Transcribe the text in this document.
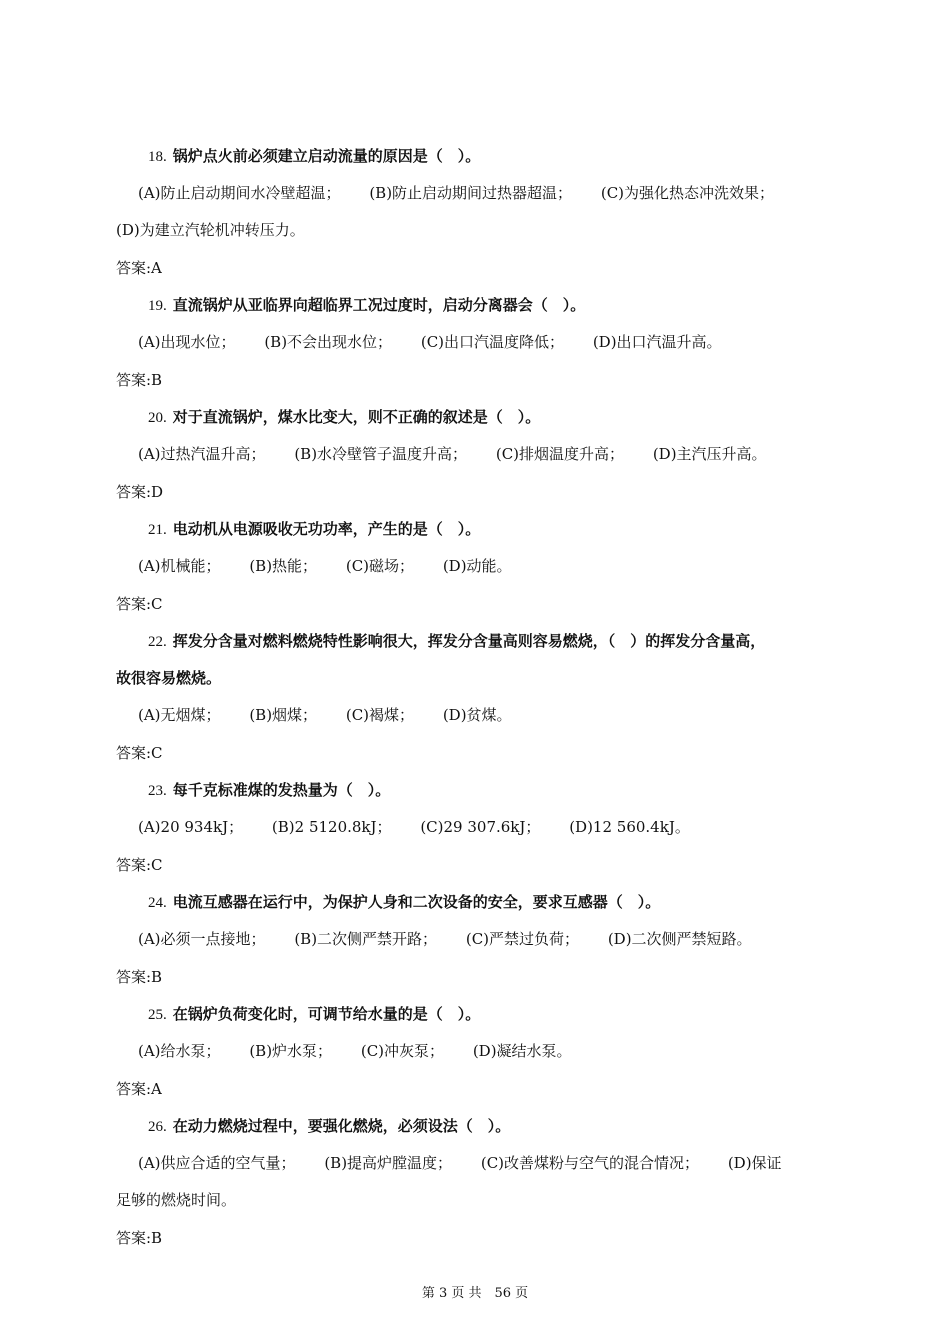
18. 锅炉点火前必须建立启动流量的原因是（　）。
(A)防止启动期间水冷壁超温； (B)防止启动期间过热器超温； (C)为强化热态冲洗效果；
(D)为建立汽轮机冲转压力。
答案:A
19. 直流锅炉从亚临界向超临界工况过度时，启动分离器会（　）。
(A)出现水位； (B)不会出现水位； (C)出口汽温度降低； (D)出口汽温升高。
答案:B
20. 对于直流锅炉，煤水比变大，则不正确的叙述是（　）。
(A)过热汽温升高； (B)水冷壁管子温度升高； (C)排烟温度升高； (D)主汽压升高。
答案:D
21. 电动机从电源吸收无功功率，产生的是（　）。
(A)机械能； (B)热能； (C)磁场； (D)动能。
答案:C
22. 挥发分含量对燃料燃烧特性影响很大，挥发分含量高则容易燃烧，（　）的挥发分含量高，
故很容易燃烧。
(A)无烟煤； (B)烟煤； (C)褐煤； (D)贫煤。
答案:C
23. 每千克标准煤的发热量为（　）。
(A)20 934kJ； (B)2 5120.8kJ； (C)29 307.6kJ； (D)12 560.4kJ。
答案:C
24. 电流互感器在运行中，为保护人身和二次设备的安全，要求互感器（　）。
(A)必须一点接地； (B)二次侧严禁开路； (C)严禁过负荷； (D)二次侧严禁短路。
答案:B
25. 在锅炉负荷变化时，可调节给水量的是（　）。
(A)给水泵； (B)炉水泵； (C)冲灰泵； (D)凝结水泵。
答案:A
26. 在动力燃烧过程中，要强化燃烧，必须设法（　）。
(A)供应合适的空气量； (B)提高炉膛温度； (C)改善煤粉与空气的混合情况； (D)保证
足够的燃烧时间。
答案:B
第 3 页 共　56 页
